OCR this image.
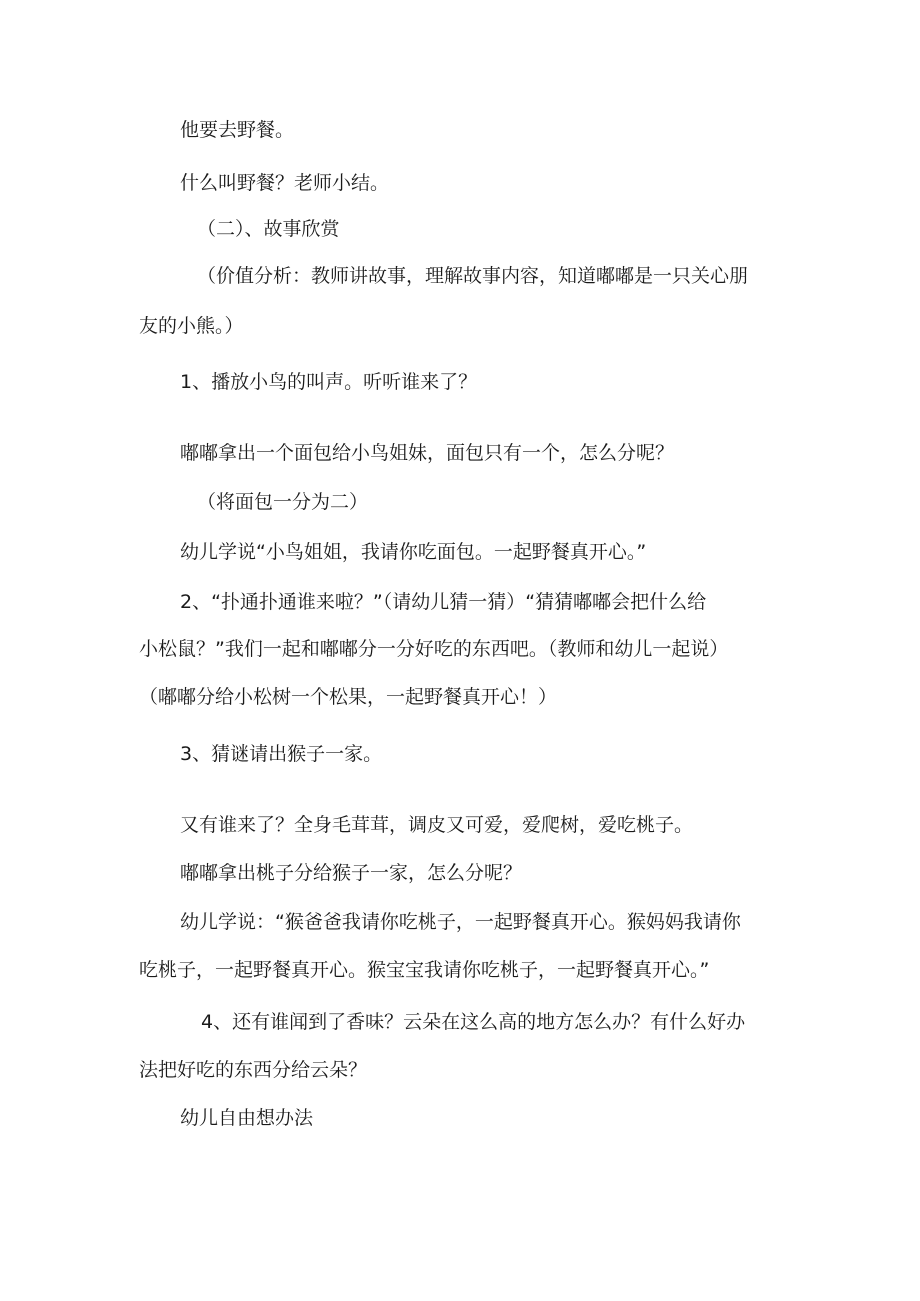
他要去野餐。
什么叫野餐？老师小结。
（二）、故事欣赏
（价值分析：教师讲故事，理解故事内容，知道嘟嘟是一只关心朋
友的小熊。）
1、播放小鸟的叫声。听听谁来了？
嘟嘟拿出一个面包给小鸟姐妹，面包只有一个，怎么分呢？
（将面包一分为二）
幼儿学说“小鸟姐姐，我请你吃面包。一起野餐真开心。”
2、“扑通扑通谁来啦？”（请幼儿猜一猜）“猜猜嘟嘟会把什么给
小松鼠？”我们一起和嘟嘟分一分好吃的东西吧。（教师和幼儿一起说）
（嘟嘟分给小松树一个松果，一起野餐真开心！）
3、猜谜请出猴子一家。
又有谁来了？全身毛茸茸，调皮又可爱，爱爬树，爱吃桃子。
嘟嘟拿出桃子分给猴子一家，怎么分呢？
幼儿学说：“猴爸爸我请你吃桃子，一起野餐真开心。猴妈妈我请你
吃桃子，一起野餐真开心。猴宝宝我请你吃桃子，一起野餐真开心。”
4、还有谁闻到了香味？云朵在这么高的地方怎么办？有什么好办
法把好吃的东西分给云朵？
幼儿自由想办法
